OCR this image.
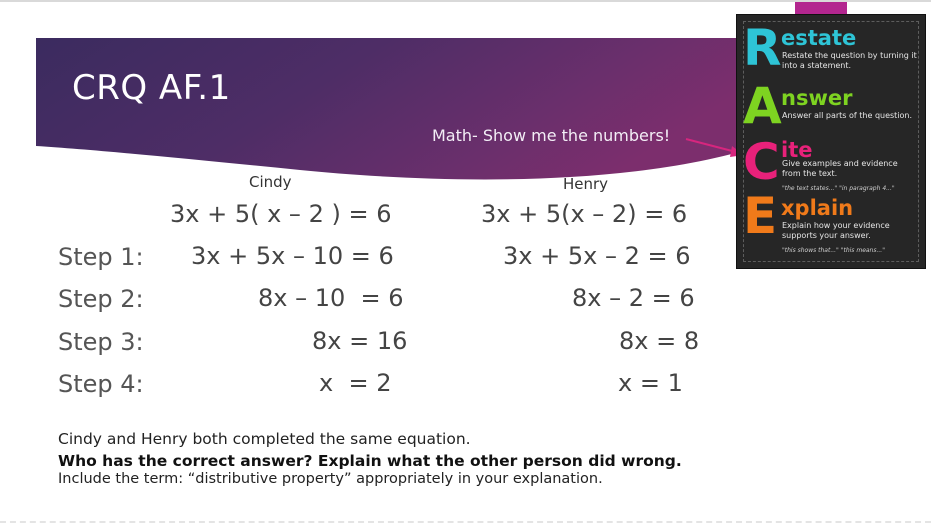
CRQ AF.1
Math- Show me the numbers!
Cindy	Henry
3x + 5( x – 2 ) = 6	3x + 5(x – 2) = 6
Step 1: 3x + 5x – 10 = 6	3x + 5x – 2 = 6
Step 2:	8x – 10  = 6	8x – 2 = 6
Step 3:	8x = 16	8x = 8
Step 4:	x  = 2	x = 1
Cindy and Henry both completed the same equation.
Who has the correct answer? Explain what the other person did wrong.
Include the term: “distributive property” appropriately in your explanation.
R estate
Restate the question by turning it into a statement.
A nswer
Answer all parts of the question.
C ite
Give examples and evidence from the text.
"the text states..." "in paragraph 4..."
E xplain
Explain how your evidence supports your answer.
"this shows that..." "this means..."
